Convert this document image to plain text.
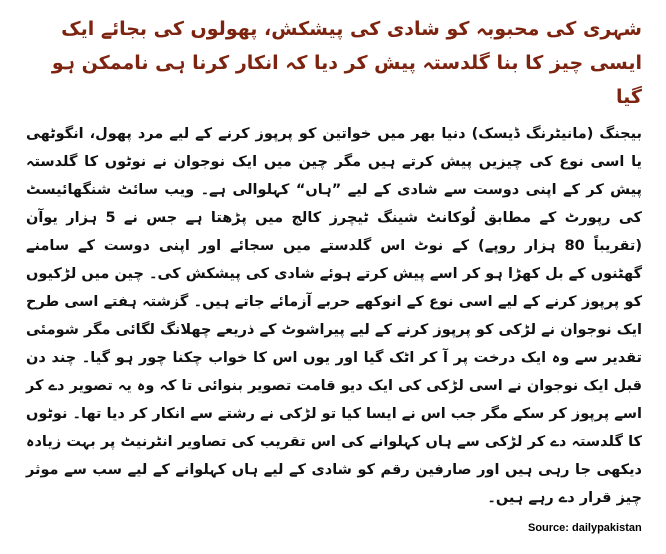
شہری کی محبوبہ کو شادی کی پیشکش، پھولوں کی بجائے ایک ایسی چیز کا بنا گلدستہ پیش کر دیا کہ انکار کرنا ہی ناممکن ہو گیا

بیجنگ (مانیٹرنگ ڈیسک) دنیا بھر میں خواتین کو پرپوز کرنے کے لیے مرد پھول، انگوٹھی یا اسی نوع کی چیزیں پیش کرتے ہیں مگر چین میں ایک نوجوان نے نوٹوں کا گلدستہ پیش کر کے اپنی دوست سے شادی کے لیے ”ہاں“ کہلوالی ہے۔ ویب سائٹ شنگھائیسٹ کی رپورٹ کے مطابق لُوکانٹ شینگ ٹیچرز کالج میں پڑھتا ہے جس نے 5 ہزار یوآن (تقریباً 80 ہزار روپے) کے نوٹ اس گلدستے میں سجائے اور اپنی دوست کے سامنے گھٹنوں کے بل کھڑا ہو کر اسے پیش کرتے ہوئے شادی کی پیشکش کی۔ چین میں لڑکیوں کو پرپوز کرنے کے لیے اسی نوع کے انوکھے حربے آزمائے جاتے ہیں۔ گزشتہ ہفتے اسی طرح ایک نوجوان نے لڑکی کو پرپوز کرنے کے لیے پیراشوٹ کے ذریعے چھلانگ لگائی مگر شومئی تقدیر سے وہ ایک درخت پر آ کر اٹک گیا اور یوں اس کا خواب چکنا چور ہو گیا۔ چند دن قبل ایک نوجوان نے اسی لڑکی کی ایک دیو قامت تصویر بنوائی تا کہ وہ یہ تصویر دے کر اسے پرپوز کر سکے مگر جب اس نے ایسا کیا تو لڑکی نے رشتے سے انکار کر دیا تھا۔ نوٹوں کا گلدستہ دے کر لڑکی سے ہاں کہلوانے کی اس تقریب کی تصاویر انٹرنیٹ پر بہت زیادہ دیکھی جا رہی ہیں اور صارفین رقم کو شادی کے لیے ہاں کہلوانے کے لیے سب سے موثر چیز قرار دے رہے ہیں۔

Source: dailypakistan
